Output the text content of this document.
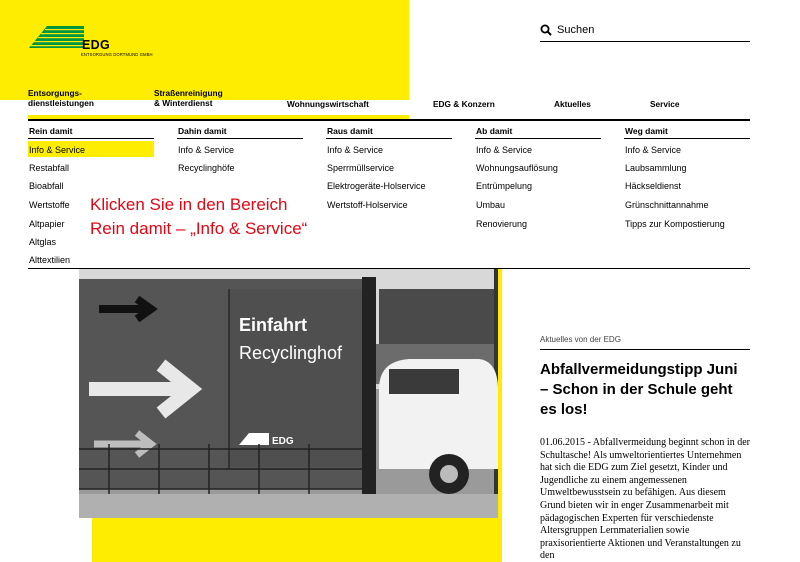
EDG
ENTSORGUNG DORTMUND GMBH
Suchen
Entsorgungs-
dienstleistungen
Straßenreinigung
& Winterdienst	Wohnungswirtschaft	EDG & Konzern	Aktuelles	Service
Rein damit	Dahin damit	Raus damit	Ab damit	Weg damit
Info & Service
Restabfall
Bioabfall
Wertstoffe
Altpapier
Altglas
Alttextilien
Info & Service
Recyclinghöfe
Info & Service
Sperrmüllservice
Elektrogeräte-Holservice
Wertstoff-Holservice
Info & Service
Wohnungsauflösung
Entrümpelung
Umbau
Renovierung
Info & Service
Laubsammlung
Häckseldienst
Grünschnittannahme
Tipps zur Kompostierung
Klicken Sie in den Bereich
Rein damit – „Info & Service“
Einfahrt
Recyclinghof
EDG
Aktuelles von der EDG
Abfallvermeidungstipp Juni – Schon in der Schule geht es los!
01.06.2015 - Abfallvermeidung beginnt schon in der Schultasche! Als umweltorientiertes Unternehmen hat sich die EDG zum Ziel gesetzt, Kinder und Jugendliche zu einem angemessenen Umweltbewusstsein zu befähigen. Aus diesem Grund bieten wir in enger Zusammenarbeit mit pädagogischen Experten für verschiedenste Altersgruppen Lernmaterialien sowie praxisorientierte Aktionen und Veranstaltungen zu den
